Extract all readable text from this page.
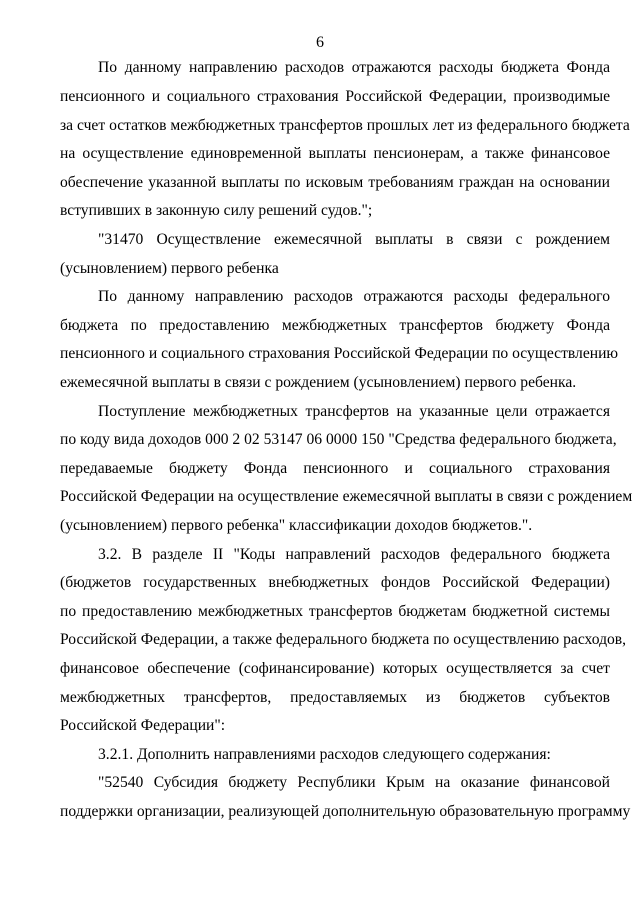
6
По данному направлению расходов отражаются расходы бюджета Фонда
пенсионного и социального страхования Российской Федерации, производимые
за счет остатков межбюджетных трансфертов прошлых лет из федерального бюджета
на осуществление единовременной выплаты пенсионерам, а также финансовое
обеспечение указанной выплаты по исковым требованиям граждан на основании
вступивших в законную силу решений судов.";
"31470 Осуществление ежемесячной выплаты в связи с рождением
(усыновлением) первого ребенка
По данному направлению расходов отражаются расходы федерального
бюджета по предоставлению межбюджетных трансфертов бюджету Фонда
пенсионного и социального страхования Российской Федерации по осуществлению
ежемесячной выплаты в связи с рождением (усыновлением) первого ребенка.
Поступление межбюджетных трансфертов на указанные цели отражается
по коду вида доходов 000 2 02 53147 06 0000 150 "Средства федерального бюджета,
передаваемые бюджету Фонда пенсионного и социального страхования
Российской Федерации на осуществление ежемесячной выплаты в связи с рождением
(усыновлением) первого ребенка" классификации доходов бюджетов.".
3.2. В разделе II "Коды направлений расходов федерального бюджета
(бюджетов государственных внебюджетных фондов Российской Федерации)
по предоставлению межбюджетных трансфертов бюджетам бюджетной системы
Российской Федерации, а также федерального бюджета по осуществлению расходов,
финансовое обеспечение (софинансирование) которых осуществляется за счет
межбюджетных трансфертов, предоставляемых из бюджетов субъектов
Российской Федерации":
3.2.1. Дополнить направлениями расходов следующего содержания:
"52540 Субсидия бюджету Республики Крым на оказание финансовой
поддержки организации, реализующей дополнительную образовательную программу
